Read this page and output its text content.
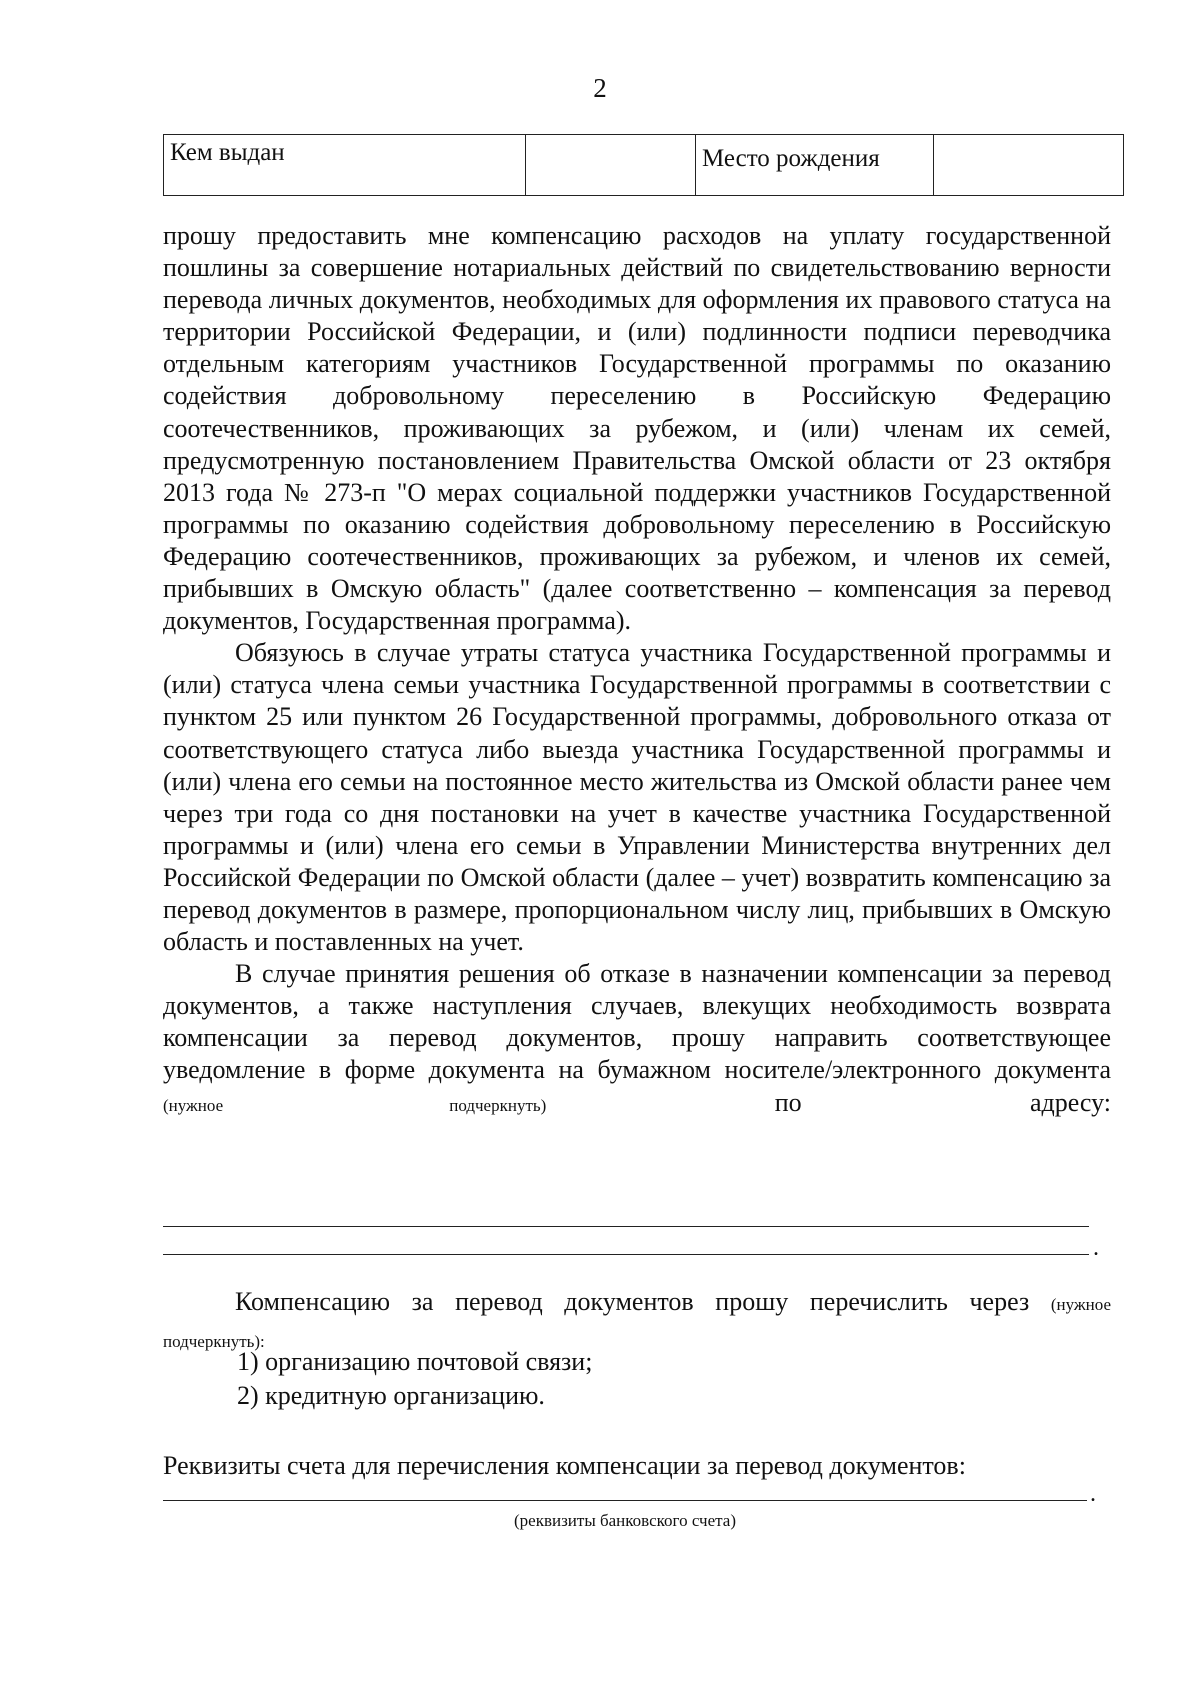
2
Кем выдан		Место рождения	

прошу предоставить мне компенсацию расходов на уплату государственной пошлины за совершение нотариальных действий по свидетельствованию верности перевода личных документов, необходимых для оформления их правового статуса на территории Российской Федерации, и (или) подлинности подписи переводчика отдельным категориям участников Государственной программы по оказанию содействия добровольному переселению в Российскую Федерацию соотечественников, проживающих за рубежом, и (или) членам их семей, предусмотренную постановлением Правительства Омской области от 23 октября 2013 года № 273-п "О мерах социальной поддержки участников Государственной программы по оказанию содействия добровольному переселению в Российскую Федерацию соотечественников, проживающих за рубежом, и членов их семей, прибывших в Омскую область" (далее соответственно – компенсация за перевод документов, Государственная программа).

Обязуюсь в случае утраты статуса участника Государственной программы и (или) статуса члена семьи участника Государственной программы в соответствии с пунктом 25 или пунктом 26 Государственной программы, добровольного отказа от соответствующего статуса либо выезда участника Государственной программы и (или) члена его семьи на постоянное место жительства из Омской области ранее чем через три года со дня постановки на учет в качестве участника Государственной программы и (или) члена его семьи в Управлении Министерства внутренних дел Российской Федерации по Омской области (далее – учет) возвратить компенсацию за перевод документов в размере, пропорциональном числу лиц, прибывших в Омскую область и поставленных на учет.

В случае принятия решения об отказе в назначении компенсации за перевод документов, а также наступления случаев, влекущих необходимость возврата компенсации за перевод документов, прошу направить соответствующее уведомление в форме документа на бумажном носителе/электронного документа (нужное подчеркнуть)	по адресу:

.

Компенсацию за перевод документов прошу перечислить через (нужное подчеркнуть):

1) организацию почтовой связи;
2) кредитную организацию.
Реквизиты счета для перечисления компенсации за перевод документов:
.
(реквизиты банковского счета)
